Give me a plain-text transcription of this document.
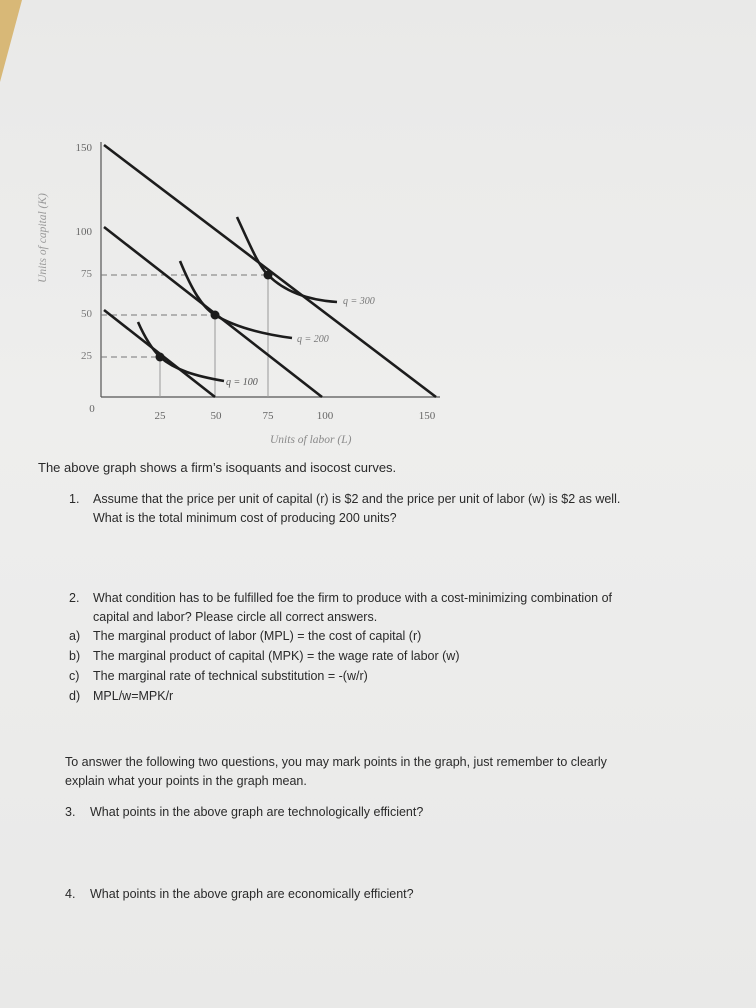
Units of capital (K)
150
100
75
50
25
0
25	50	75	100	150
Units of labor (L)
q = 300
q = 200
q = 100
The above graph shows a firm’s isoquants and isocost curves.
1. Assume that the price per unit of capital (r) is $2 and the price per unit of labor (w) is $2 as well.
What is the total minimum cost of producing 200 units?
2. What condition has to be fulfilled foe the firm to produce with a cost-minimizing combination of
capital and labor? Please circle all correct answers.
a) The marginal product of labor (MPL) = the cost of capital (r)
b) The marginal product of capital (MPK) = the wage rate of labor (w)
c) The marginal rate of technical substitution = -(w/r)
d) MPL/w=MPK/r
To answer the following two questions, you may mark points in the graph, just remember to clearly
explain what your points in the graph mean.
3. What points in the above graph are technologically efficient?
4. What points in the above graph are economically efficient?
